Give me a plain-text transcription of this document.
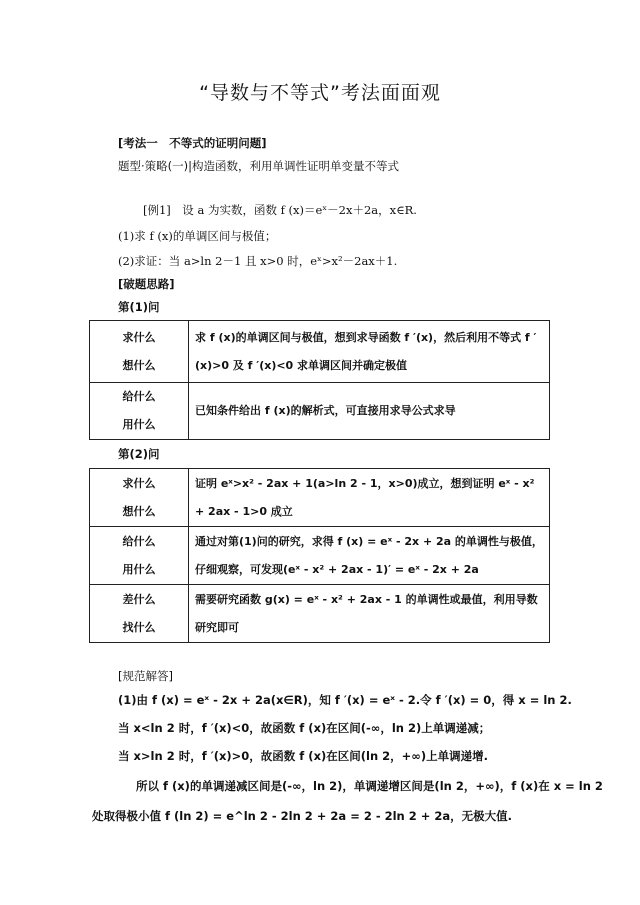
“导数与不等式”考法面面观
[考法一　不等式的证明问题]
题型·策略(一)|构造函数，利用单调性证明单变量不等式
[例1]　设 a 为实数，函数 f (x)＝eˣ－2x＋2a，x∈R.
(1)求 f (x)的单调区间与极值；
(2)求证：当 a>ln 2－1 且 x>0 时，eˣ>x²－2ax＋1.
[破题思路]
第(1)问
求什么
想什么	求 f (x)的单调区间与极值，想到求导函数 f ′(x)，然后利用不等式 f ′(x)>0 及 f ′(x)<0 求单调区间并确定极值

给什么
用什么	已知条件给出 f (x)的解析式，可直接用求导公式求导
第(2)问
求什么
想什么	证明 eˣ>x² - 2ax + 1(a>ln 2 - 1，x>0)成立，想到证明 eˣ - x² + 2ax - 1>0 成立

给什么
用什么	通过对第(1)问的研究，求得 f (x) = eˣ - 2x + 2a 的单调性与极值，仔细观察，可发现(eˣ - x² + 2ax - 1)′ = eˣ - 2x + 2a

差什么
找什么	需要研究函数 g(x) = eˣ - x² + 2ax - 1 的单调性或最值，利用导数研究即可
[规范解答]
(1)由 f (x) = eˣ - 2x + 2a(x∈R)，知 f ′(x) = eˣ - 2.令 f ′(x) = 0，得 x = ln 2.
当 x<ln 2 时，f ′(x)<0，故函数 f (x)在区间(-∞，ln 2)上单调递减；
当 x>ln 2 时，f ′(x)>0，故函数 f (x)在区间(ln 2，+∞)上单调递增.
所以 f (x)的单调递减区间是(-∞，ln 2)，单调递增区间是(ln 2，+∞)，f (x)在 x = ln 2
处取得极小值 f (ln 2) = e^ln 2 - 2ln 2 + 2a = 2 - 2ln 2 + 2a，无极大值.
